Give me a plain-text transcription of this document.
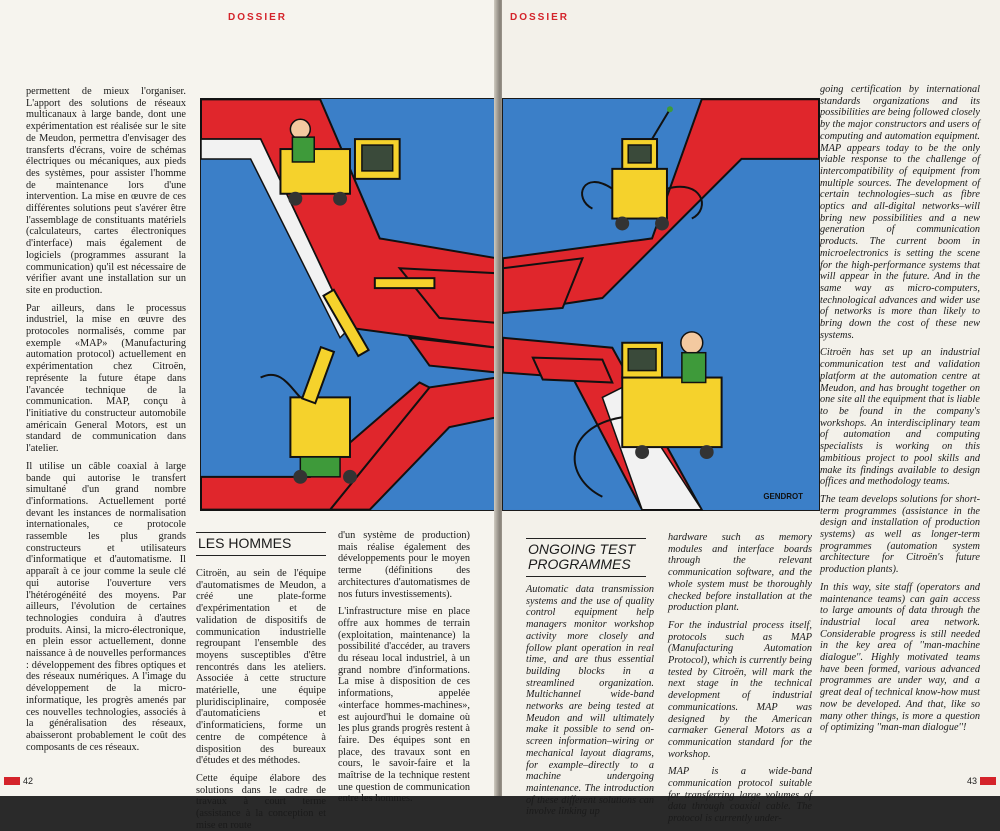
DOSSIER

permettent de mieux l'organiser. L'apport des solutions de réseaux multicanaux à large bande, dont une expérimentation est réalisée sur le site de Meudon, permettra d'envisager des transferts d'écrans, voire de schémas électriques ou mécaniques, aux pieds des systèmes, pour assister l'homme de maintenance lors d'une intervention. La mise en œuvre de ces différentes solutions peut s'avérer être l'assemblage de constituants matériels (calculateurs, cartes électroniques d'interface) mais également de logiciels (programmes assurant la communication) qu'il est nécessaire de vérifier avant une installation sur un site en production.

Par ailleurs, dans le processus industriel, la mise en œuvre des protocoles normalisés, comme par exemple «MAP» (Manufacturing automation protocol) actuellement en expérimentation chez Citroën, représente la future étape dans l'avancée technique de la communication. MAP, conçu à l'initiative du constructeur automobile américain General Motors, est un standard de communication dans l'atelier.

Il utilise un câble coaxial à large bande qui autorise le transfert simultané d'un grand nombre d'informations. Actuellement porté devant les instances de normalisation internationales, ce protocole rassemble les plus grands constructeurs et utilisateurs d'informatique et d'automatisme. Il apparaît à ce jour comme la seule clé qui autorise l'ouverture vers l'hétérogénéité des moyens. Par ailleurs, l'évolution de certaines technologies conduira à d'autres produits. Ainsi, la micro-électronique, en plein essor actuellement, donne naissance à de nouvelles performances : développement des fibres optiques et des réseaux numériques. A l'image du développement de la micro-informatique, les progrès amenés par ces nouvelles technologies, associés à la généralisation des réseaux, abaisseront probablement le coût des composants de ces réseaux.

LES HOMMES

Citroën, au sein de l'équipe d'automatismes de Meudon, a créé une plate-forme d'expérimentation et de validation de dispositifs de communication industrielle regroupant l'ensemble des moyens susceptibles d'être rencontrés dans les ateliers. Associée à cette structure matérielle, une équipe pluridisciplinaire, composée d'automaticiens et d'informaticiens, forme un centre de compétence à disposition des bureaux d'études et des méthodes.

Cette équipe élabore des solutions dans le cadre de travaux à court terme (assistance à la conception et mise en route

d'un système de production) mais réalise également des développements pour le moyen terme (définitions des architectures d'automatismes de nos futurs investissements).

L'infrastructure mise en place offre aux hommes de terrain (exploitation, maintenance) la possibilité d'accéder, au travers du réseau local industriel, à un grand nombre d'informations. La mise à disposition de ces informations, appelée «interface hommes-machines», est aujourd'hui le domaine où les plus grands progrès restent à faire. Des équipes sont en place, des travaux sont en cours, le savoir-faire et la maîtrise de la technique restent une question de communication entre les hommes.

42
DOSSIER
GENDROT
ONGOING TEST
PROGRAMMES

Automatic data transmission systems and the use of quality control equipment help managers monitor workshop activity more closely and follow plant operation in real time, and are thus essential building blocks in a streamlined organization. Multichannel wide-band networks are being tested at Meudon and will ultimately make it possible to send on-screen information–wiring or mechanical layout diagrams, for example–directly to a machine undergoing maintenance. The introduction of these different solutions can involve linking up

hardware such as memory modules and interface boards through the relevant communication software, and the whole system must be thoroughly checked before installation at the production plant.

For the industrial process itself, protocols such as MAP (Manufacturing Automation Protocol), which is currently being tested by Citroën, will mark the next stage in the technical development of industrial communications. MAP was designed by the American carmaker General Motors as a communication standard for the workshop.

MAP is a wide-band communication protocol suitable for transferring large volumes of data through coaxial cable. The protocol is currently under-

going certification by international standards organizations and its possibilities are being followed closely by the major constructors and users of computing and automation equipment. MAP appears today to be the only viable response to the challenge of intercompatibility of equipment from multiple sources. The development of certain technologies–such as fibre optics and all-digital networks–will bring new possibilities and a new generation of communication products. The current boom in microelectronics is setting the scene for the high-performance systems that will appear in the future. And in the same way as micro-computers, technological advances and wider use of networks is more than likely to bring down the cost of these new systems.

Citroën has set up an industrial communication test and validation platform at the automation centre at Meudon, and has brought together on one site all the equipment that is liable to be found in the company's workshops. An interdisciplinary team of automation and computing specialists is working on this ambitious project to pool skills and make its findings available to design offices and methodology teams.

The team develops solutions for short-term programmes (assistance in the design and installation of production systems) as well as longer-term programmes (automation system architecture for Citroën's future production plants).

In this way, site staff (operators and maintenance teams) can gain access to large amounts of data through the industrial local area network. Considerable progress is still needed in the key area of ''man-machine dialogue''. Highly motivated teams have been formed, various advanced programmes are under way, and a great deal of technical know-how must now be developed. And that, like so many other things, is more a question of optimizing ''man-man dialogue''!

43
